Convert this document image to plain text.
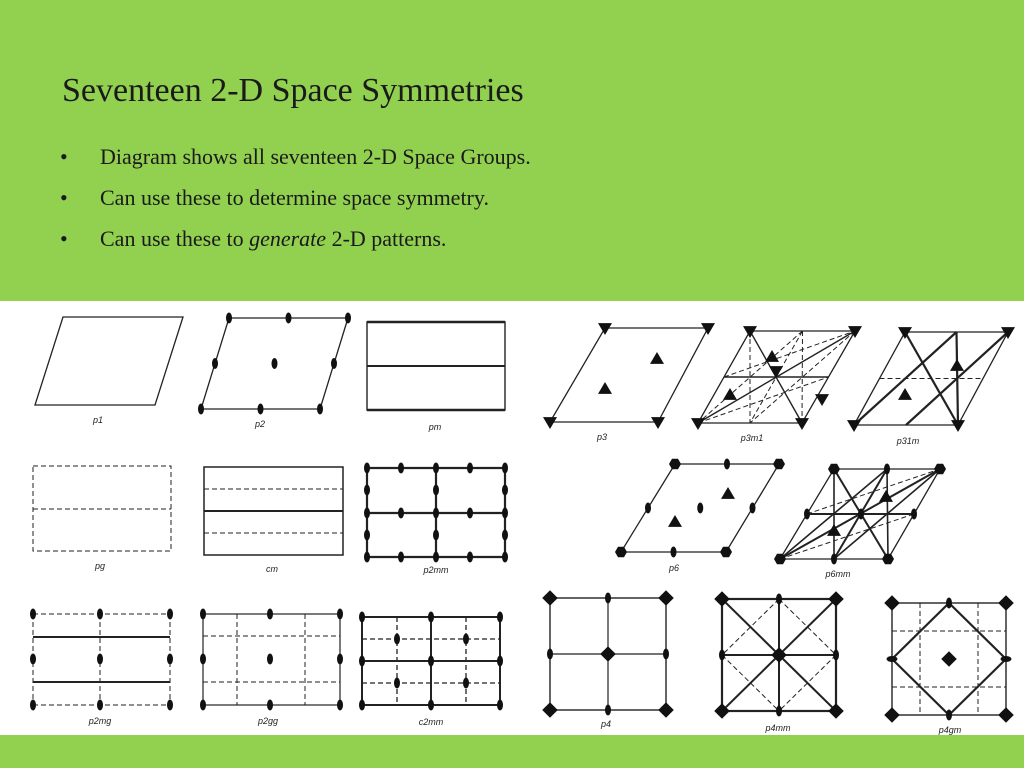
Seventeen 2-D Space Symmetries
• Diagram shows all seventeen 2-D Space Groups.
• Can use these to determine space symmetry.
• Can use these to generate 2-D patterns.
p1	p2	pm
p3	p3m1	p31m
pg	cm	p2mm	p6
p6mm
p2mg	p2gg	c2mm	p4	p4mm	p4gm
